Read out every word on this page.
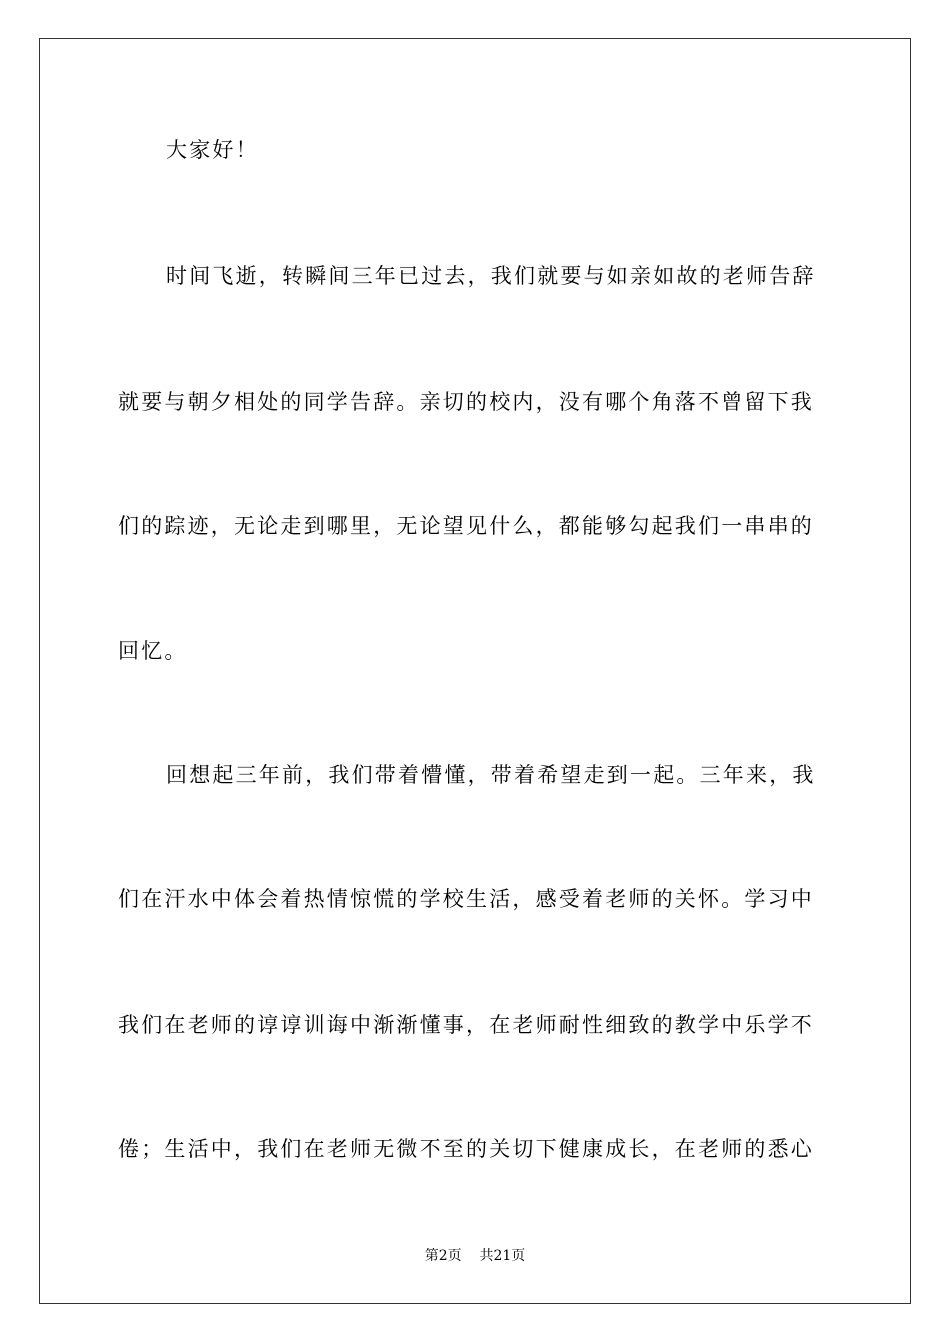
大家好！
时间飞逝，转瞬间三年已过去，我们就要与如亲如故的老师告辞
就要与朝夕相处的同学告辞。亲切的校内，没有哪个角落不曾留下我
们的踪迹，无论走到哪里，无论望见什么，都能够勾起我们一串串的
回忆。
回想起三年前，我们带着懵懂，带着希望走到一起。三年来，我
们在汗水中体会着热情惊慌的学校生活，感受着老师的关怀。学习中
我们在老师的谆谆训诲中渐渐懂事，在老师耐性细致的教学中乐学不
倦；生活中，我们在老师无微不至的关切下健康成长，在老师的悉心
第2页 共21页
